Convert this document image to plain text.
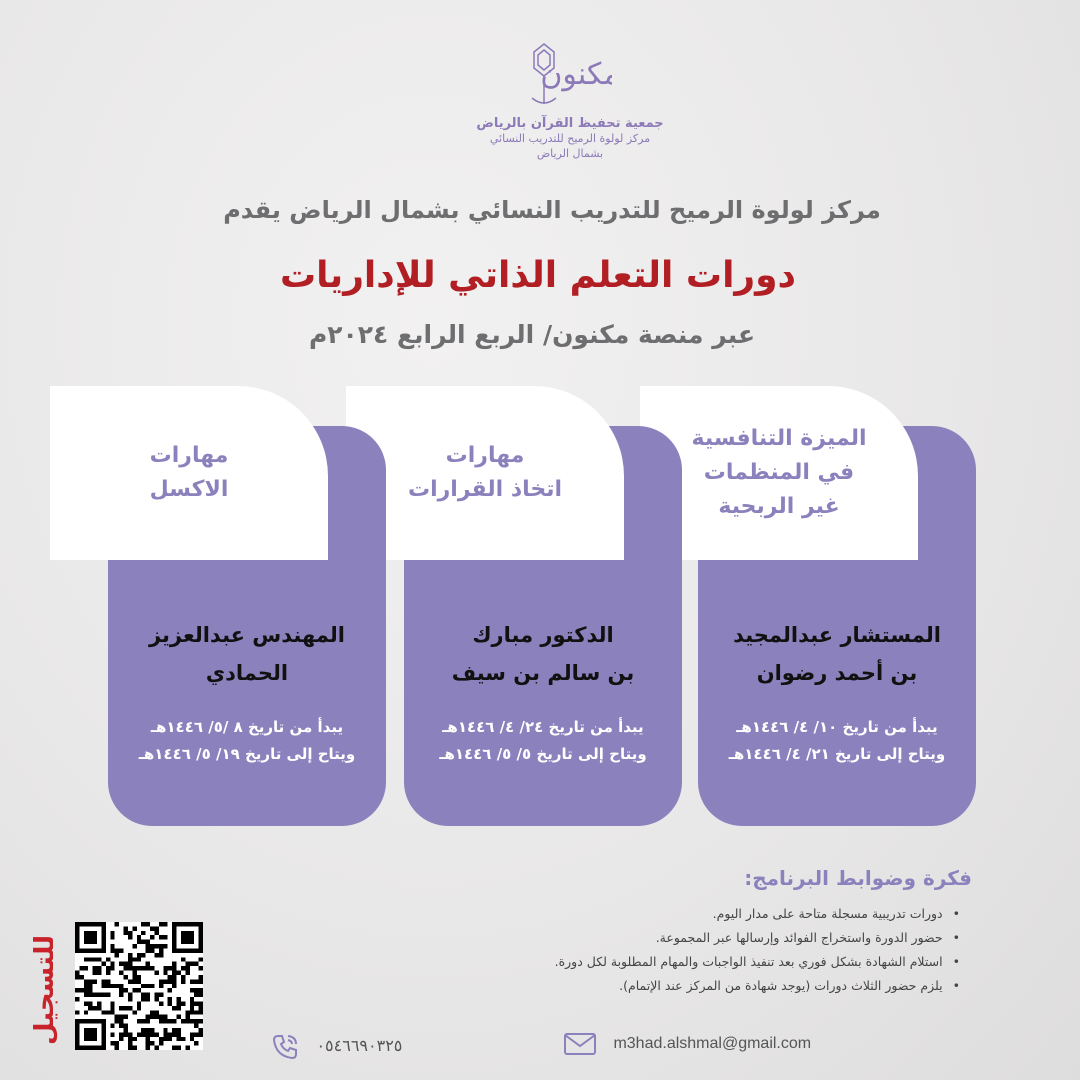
مكنون
جمعية تحفيظ القرآن بالرياض
مركز لولوة الرميح للتدريب النسائي
بشمال الرياض
مركز لولوة الرميح للتدريب النسائي بشمال الرياض يقدم
دورات التعلم الذاتي للإداريات
عبر منصة مكنون/ الربع الرابع ٢٠٢٤م
الميزة التنافسية
في المنظمات
غير الربحية
المستشار عبدالمجيد
بن أحمد رضوان
يبدأ من تاريخ ١٠/ ٤/ ١٤٤٦هـ
ويتاح إلى تاريخ ٢١/ ٤/ ١٤٤٦هـ
مهارات
اتخاذ القرارات
الدكتور مبارك
بن سالم بن سيف
يبدأ من تاريخ ٢٤/ ٤/ ١٤٤٦هـ
ويتاح إلى تاريخ ٥/ ٥/ ١٤٤٦هـ
مهارات
الاكسل
المهندس عبدالعزيز
الحمادي
يبدأ من تاريخ ٨ /٥/ ١٤٤٦هـ
ويتاح إلى تاريخ ١٩/ ٥/ ١٤٤٦هـ
فكرة وضوابط البرنامج:
• دورات تدريبية مسجلة متاحة على مدار اليوم.
• حضور الدورة واستخراج الفوائد وإرسالها عبر المجموعة.
• استلام الشهادة بشكل فوري بعد تنفيذ الواجبات والمهام المطلوبة لكل دورة.
• يلزم حضور الثلاث دورات (يوجد شهادة من المركز عند الإتمام).
للتسجيل
٠٥٤٦٦٩٠٣٢٥	m3had.alshmal@gmail.com
